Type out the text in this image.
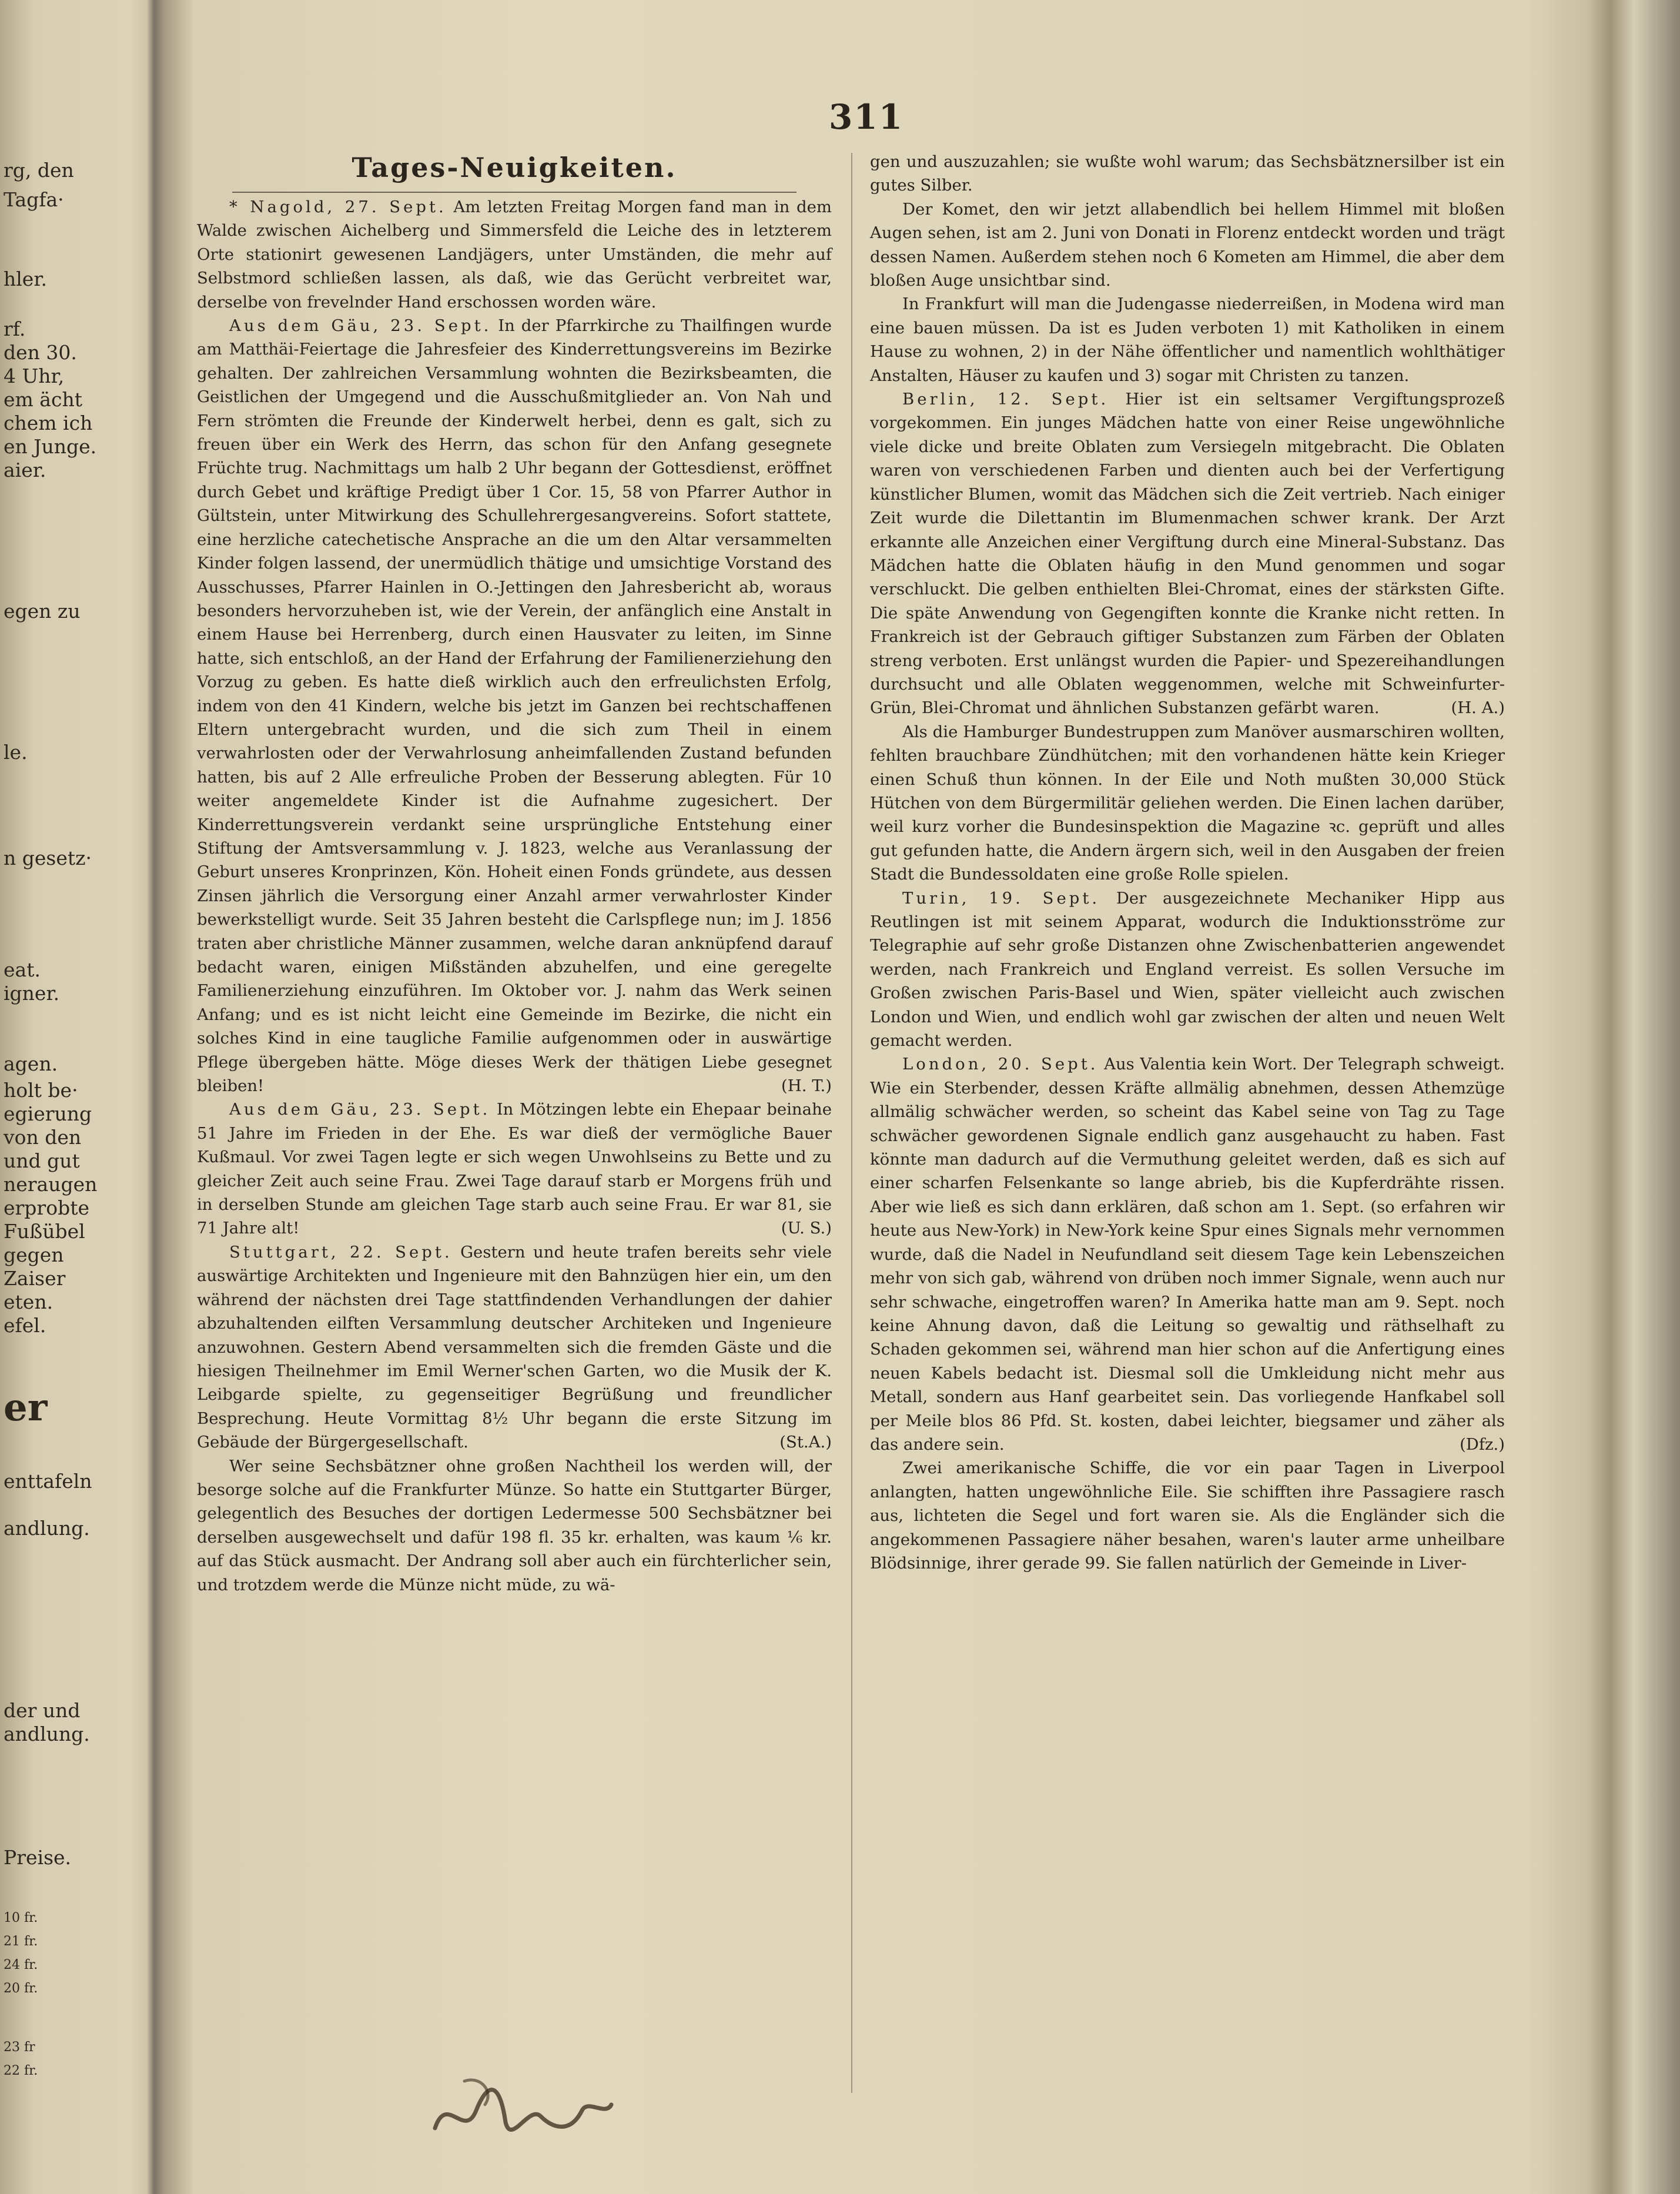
rg, den
Tagfa·
hler.
rf.
den 30.
4 Uhr,
em ächt
chem ich
en Junge.
aier.
egen zu
le.
n gesetz·
eat.
igner.
agen.
holt be·
egierung
von den
und gut
neraugen
erprobte
Fußübel
gegen
Zaiser
eten.
efel.
er
enttafeln
andlung.
der und
andlung.
Preise.
10 fr.
21 fr.
24 fr.
20 fr.
23 fr
22 fr.
311
Tages-Neuigkeiten.

* Nagold, 27. Sept. Am letzten Freitag Morgen fand man in dem Walde zwischen Aichelberg und Simmersfeld die Leiche des in letzterem Orte stationirt gewesenen Landjägers, unter Umständen, die mehr auf Selbstmord schließen lassen, als daß, wie das Gerücht verbreitet war, derselbe von frevelnder Hand erschossen worden wäre.

Aus dem Gäu, 23. Sept. In der Pfarrkirche zu Thailfingen wurde am Matthäi-Feiertage die Jahresfeier des Kinderrettungsvereins im Bezirke gehalten. Der zahlreichen Versammlung wohnten die Bezirksbeamten, die Geistlichen der Umgegend und die Ausschußmitglieder an. Von Nah und Fern strömten die Freunde der Kinderwelt herbei, denn es galt, sich zu freuen über ein Werk des Herrn, das schon für den Anfang gesegnete Früchte trug. Nachmittags um halb 2 Uhr begann der Gottesdienst, eröffnet durch Gebet und kräftige Predigt über 1 Cor. 15, 58 von Pfarrer Author in Gültstein, unter Mitwirkung des Schullehrergesangvereins. Sofort stattete, eine herzliche catechetische Ansprache an die um den Altar versammelten Kinder folgen lassend, der unermüdlich thätige und umsichtige Vorstand des Ausschusses, Pfarrer Hainlen in O.-Jettingen den Jahresbericht ab, woraus besonders hervorzuheben ist, wie der Verein, der anfänglich eine Anstalt in einem Hause bei Herrenberg, durch einen Hausvater zu leiten, im Sinne hatte, sich entschloß, an der Hand der Erfahrung der Familienerziehung den Vorzug zu geben. Es hatte dieß wirklich auch den erfreulichsten Erfolg, indem von den 41 Kindern, welche bis jetzt im Ganzen bei rechtschaffenen Eltern untergebracht wurden, und die sich zum Theil in einem verwahrlosten oder der Verwahrlosung anheimfallenden Zustand befunden hatten, bis auf 2 Alle erfreuliche Proben der Besserung ablegten. Für 10 weiter angemeldete Kinder ist die Aufnahme zugesichert. Der Kinderrettungsverein verdankt seine ursprüngliche Entstehung einer Stiftung der Amtsversammlung v. J. 1823, welche aus Veranlassung der Geburt unseres Kronprinzen, Kön. Hoheit einen Fonds gründete, aus dessen Zinsen jährlich die Versorgung einer Anzahl armer verwahrloster Kinder bewerkstelligt wurde. Seit 35 Jahren besteht die Carlspflege nun; im J. 1856 traten aber christliche Männer zusammen, welche daran anknüpfend darauf bedacht waren, einigen Mißständen abzuhelfen, und eine geregelte Familienerziehung einzuführen. Im Oktober vor. J. nahm das Werk seinen Anfang; und es ist nicht leicht eine Gemeinde im Bezirke, die nicht ein solches Kind in eine taugliche Familie aufgenommen oder in auswärtige Pflege übergeben hätte. Möge dieses Werk der thätigen Liebe gesegnet bleiben!	(H. T.)

Aus dem Gäu, 23. Sept. In Mötzingen lebte ein Ehepaar beinahe 51 Jahre im Frieden in der Ehe. Es war dieß der vermögliche Bauer Kußmaul. Vor zwei Tagen legte er sich wegen Unwohlseins zu Bette und zu gleicher Zeit auch seine Frau. Zwei Tage darauf starb er Morgens früh und in derselben Stunde am gleichen Tage starb auch seine Frau. Er war 81, sie 71 Jahre alt!	(U. S.)

Stuttgart, 22. Sept. Gestern und heute trafen bereits sehr viele auswärtige Architekten und Ingenieure mit den Bahnzügen hier ein, um den während der nächsten drei Tage stattfindenden Verhandlungen der dahier abzuhaltenden eilften Versammlung deutscher Architeken und Ingenieure anzuwohnen. Gestern Abend versammelten sich die fremden Gäste und die hiesigen Theilnehmer im Emil Werner'schen Garten, wo die Musik der K. Leibgarde spielte, zu gegenseitiger Begrüßung und freundlicher Besprechung. Heute Vormittag 8½ Uhr begann die erste Sitzung im Gebäude der Bürgergesellschaft.	(St.A.)

Wer seine Sechsbätzner ohne großen Nachtheil los werden will, der besorge solche auf die Frankfurter Münze. So hatte ein Stuttgarter Bürger, gelegentlich des Besuches der dortigen Ledermesse 500 Sechsbätzner bei derselben ausgewechselt und dafür 198 fl. 35 kr. erhalten, was kaum ⅙ kr. auf das Stück ausmacht. Der Andrang soll aber auch ein fürchterlicher sein, und trotzdem werde die Münze nicht müde, zu wä-

gen und auszuzahlen; sie wußte wohl warum; das Sechsbätznersilber ist ein gutes Silber.

Der Komet, den wir jetzt allabendlich bei hellem Himmel mit bloßen Augen sehen, ist am 2. Juni von Donati in Florenz entdeckt worden und trägt dessen Namen. Außerdem stehen noch 6 Kometen am Himmel, die aber dem bloßen Auge unsichtbar sind.

In Frankfurt will man die Judengasse niederreißen, in Modena wird man eine bauen müssen. Da ist es Juden verboten 1) mit Katholiken in einem Hause zu wohnen, 2) in der Nähe öffentlicher und namentlich wohlthätiger Anstalten, Häuser zu kaufen und 3) sogar mit Christen zu tanzen.

Berlin, 12. Sept. Hier ist ein seltsamer Vergiftungsprozeß vorgekommen. Ein junges Mädchen hatte von einer Reise ungewöhnliche viele dicke und breite Oblaten zum Versiegeln mitgebracht. Die Oblaten waren von verschiedenen Farben und dienten auch bei der Verfertigung künstlicher Blumen, womit das Mädchen sich die Zeit vertrieb. Nach einiger Zeit wurde die Dilettantin im Blumenmachen schwer krank. Der Arzt erkannte alle Anzeichen einer Vergiftung durch eine Mineral-Substanz. Das Mädchen hatte die Oblaten häufig in den Mund genommen und sogar verschluckt. Die gelben enthielten Blei-Chromat, eines der stärksten Gifte. Die späte Anwendung von Gegengiften konnte die Kranke nicht retten. In Frankreich ist der Gebrauch giftiger Substanzen zum Färben der Oblaten streng verboten. Erst unlängst wurden die Papier- und Spezereihandlungen durchsucht und alle Oblaten weggenommen, welche mit Schweinfurter-Grün, Blei-Chromat und ähnlichen Substanzen gefärbt waren.	(H. A.)

Als die Hamburger Bundestruppen zum Manöver ausmarschiren wollten, fehlten brauchbare Zündhütchen; mit den vorhandenen hätte kein Krieger einen Schuß thun können. In der Eile und Noth mußten 30,000 Stück Hütchen von dem Bürgermilitär geliehen werden. Die Einen lachen darüber, weil kurz vorher die Bundesinspektion die Magazine ꝛc. geprüft und alles gut gefunden hatte, die Andern ärgern sich, weil in den Ausgaben der freien Stadt die Bundessoldaten eine große Rolle spielen.

Turin, 19. Sept. Der ausgezeichnete Mechaniker Hipp aus Reutlingen ist mit seinem Apparat, wodurch die Induktionsströme zur Telegraphie auf sehr große Distanzen ohne Zwischenbatterien angewendet werden, nach Frankreich und England verreist. Es sollen Versuche im Großen zwischen Paris-Basel und Wien, später vielleicht auch zwischen London und Wien, und endlich wohl gar zwischen der alten und neuen Welt gemacht werden.

London, 20. Sept. Aus Valentia kein Wort. Der Telegraph schweigt. Wie ein Sterbender, dessen Kräfte allmälig abnehmen, dessen Athemzüge allmälig schwächer werden, so scheint das Kabel seine von Tag zu Tage schwächer gewordenen Signale endlich ganz ausgehaucht zu haben. Fast könnte man dadurch auf die Vermuthung geleitet werden, daß es sich auf einer scharfen Felsenkante so lange abrieb, bis die Kupferdrähte rissen. Aber wie ließ es sich dann erklären, daß schon am 1. Sept. (so erfahren wir heute aus New-York) in New-York keine Spur eines Signals mehr vernommen wurde, daß die Nadel in Neufundland seit diesem Tage kein Lebenszeichen mehr von sich gab, während von drüben noch immer Signale, wenn auch nur sehr schwache, eingetroffen waren? In Amerika hatte man am 9. Sept. noch keine Ahnung davon, daß die Leitung so gewaltig und räthselhaft zu Schaden gekommen sei, während man hier schon auf die Anfertigung eines neuen Kabels bedacht ist. Diesmal soll die Umkleidung nicht mehr aus Metall, sondern aus Hanf gearbeitet sein. Das vorliegende Hanfkabel soll per Meile blos 86 Pfd. St. kosten, dabei leichter, biegsamer und zäher als das andere sein.	(Dfz.)

Zwei amerikanische Schiffe, die vor ein paar Tagen in Liverpool anlangten, hatten ungewöhnliche Eile. Sie schifften ihre Passagiere rasch aus, lichteten die Segel und fort waren sie. Als die Engländer sich die angekommenen Passagiere näher besahen, waren's lauter arme unheilbare Blödsinnige, ihrer gerade 99. Sie fallen natürlich der Gemeinde in Liver-
